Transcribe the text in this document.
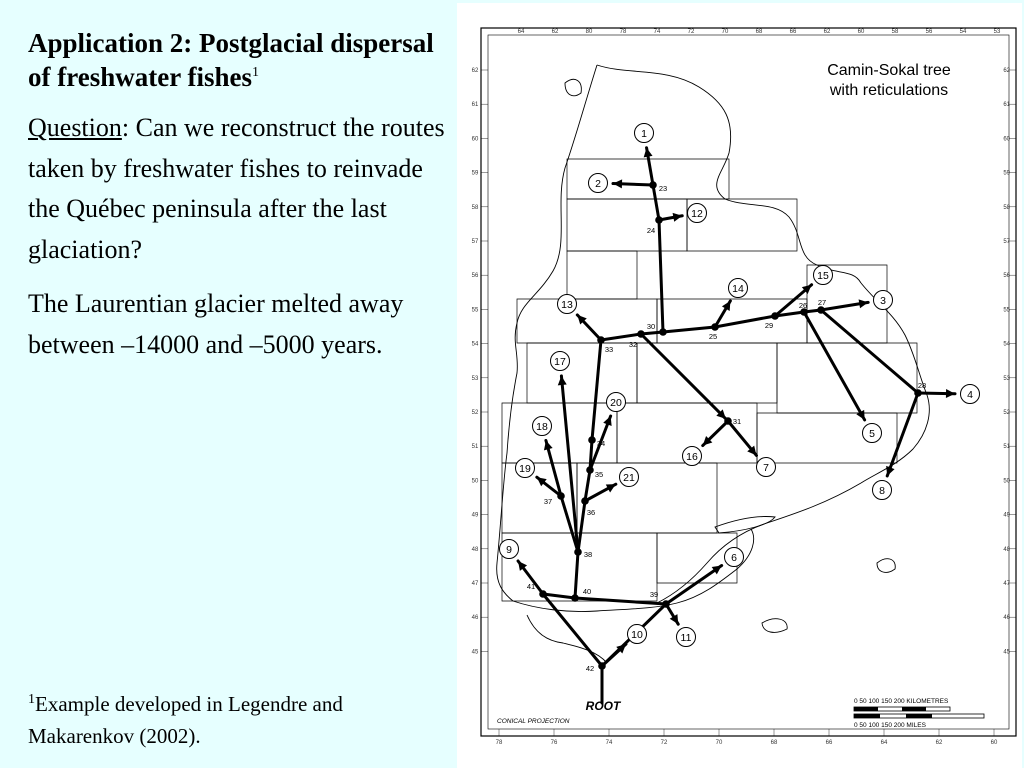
Application 2: Postglacial dispersal of freshwater fishes$^1$
Question: Can we reconstruct the routes taken by freshwater fishes to reinvade the Québec peninsula after the last glaciation?
The Laurentian glacier melted away between –14000 and –5000 years.
$^1$Example developed in Legendre and Makarenkov (2002).
64	62	80	78	74	72	70	68	66	62	60	58	56	54	53
78	76	74	72	70	68	66	64	62	60
62
61
60
59
58
57
56
55
54
53
52
51
50
49
48
47
46
45
62
61
60
59
58
57
56
55
54
53
52
51
50
49
48
47
46
45
1
2
3
4
5
6
7
8
9
10	11
12
13
14
15
16
17
18
19
20
21
23
24
25
26 27
28
29
30
31
32
33
34
35
36
37
38
39
40
41
42
Camin-Sokal tree
with reticulations
ROOT
CONICAL PROJECTION
0 50 100 150 200 KILOMETRES
0 50 100 150 200 MILES
